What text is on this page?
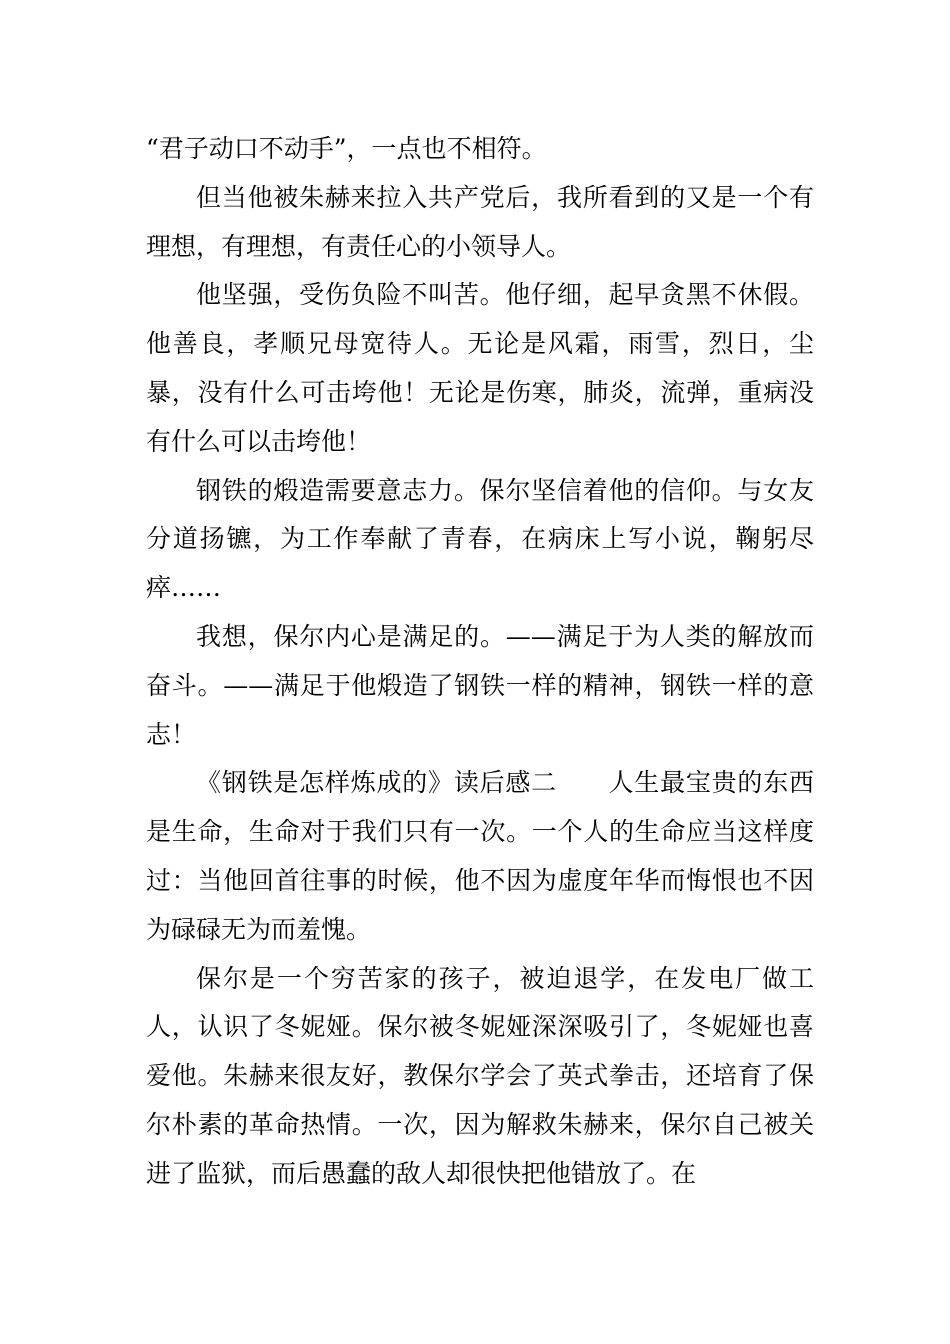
“君子动口不动手”，一点也不相符。

但当他被朱赫来拉入共产党后，我所看到的又是一个有理想，有理想，有责任心的小领导人。

他坚强，受伤负险不叫苦。他仔细，起早贪黑不休假。他善良，孝顺兄母宽待人。无论是风霜，雨雪，烈日，尘暴，没有什么可击垮他！无论是伤寒，肺炎，流弹，重病没有什么可以击垮他！

钢铁的煅造需要意志力。保尔坚信着他的信仰。与女友分道扬镳，为工作奉献了青春，在病床上写小说，鞠躬尽瘁……

我想，保尔内心是满足的。——满足于为人类的解放而奋斗。——满足于他煅造了钢铁一样的精神，钢铁一样的意志！

《钢铁是怎样炼成的》读后感二　　人生最宝贵的东西是生命，生命对于我们只有一次。一个人的生命应当这样度过：当他回首往事的时候，他不因为虚度年华而悔恨也不因为碌碌无为而羞愧。

保尔是一个穷苦家的孩子，被迫退学，在发电厂做工人，认识了冬妮娅。保尔被冬妮娅深深吸引了，冬妮娅也喜爱他。朱赫来很友好，教保尔学会了英式拳击，还培育了保尔朴素的革命热情。一次，因为解救朱赫来，保尔自己被关进了监狱，而后愚蠢的敌人却很快把他错放了。在
